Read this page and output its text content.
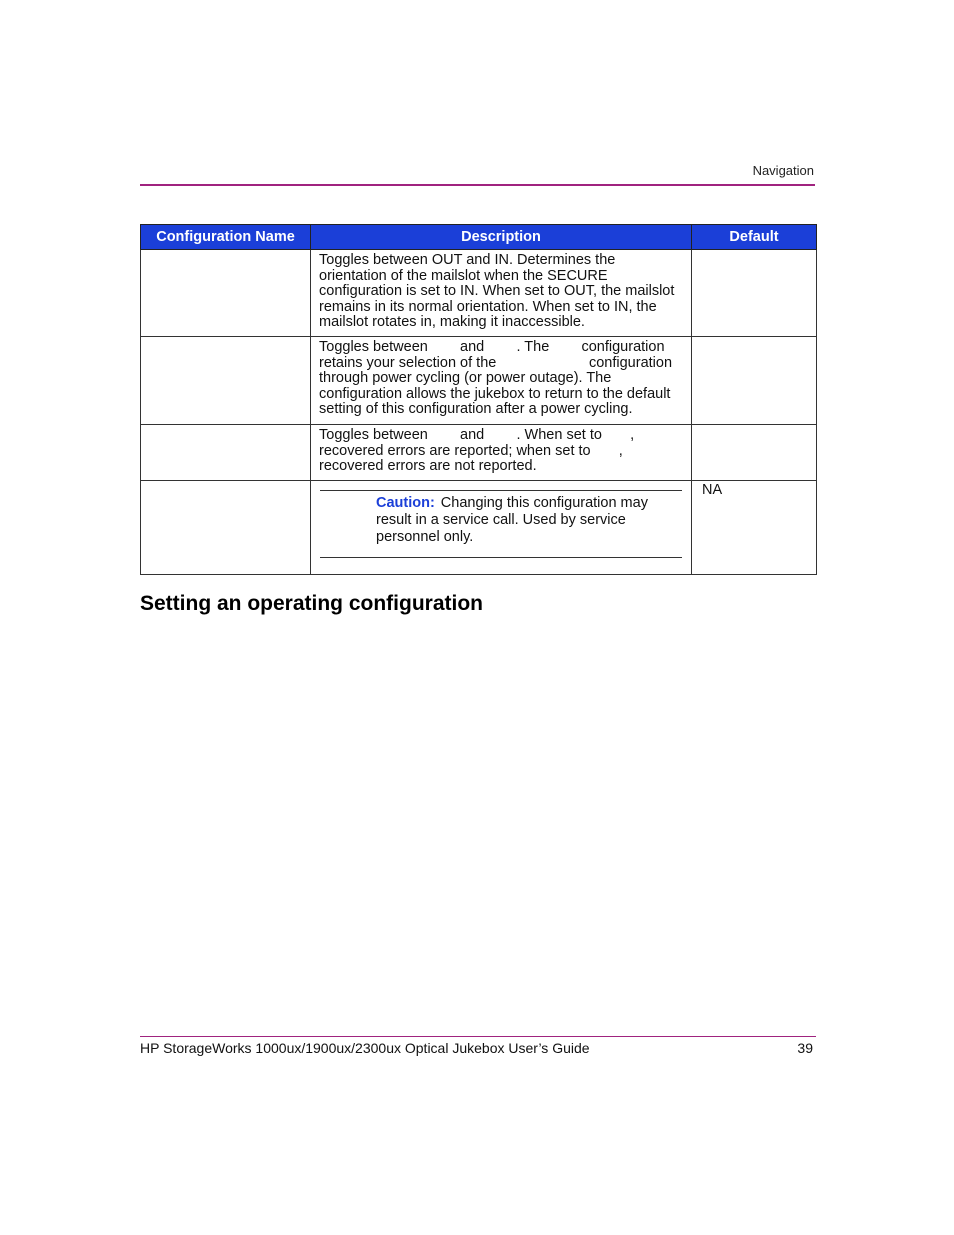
Navigation
Configuration Name	Description	Default

	Toggles between OUT and IN. Determines the
orientation of the mailslot when the SECURE
configuration is set to IN. When set to OUT, the mailslot
remains in its normal orientation. When set to IN, the
mailslot rotates in, making it inaccessible.	

	Toggles between        and        . The        configuration
retains your selection of the                       configuration
through power cycling (or power outage). The
configuration allows the jukebox to return to the default
setting of this configuration after a power cycling.	

	Toggles between        and        . When set to       ,
recovered errors are reported; when set to       ,
recovered errors are not reported.	

	Caution: Changing this configuration may result in a service call. Used by service personnel only.	NA
Setting an operating configuration
HP StorageWorks 1000ux/1900ux/2300ux Optical Jukebox User’s Guide	39
